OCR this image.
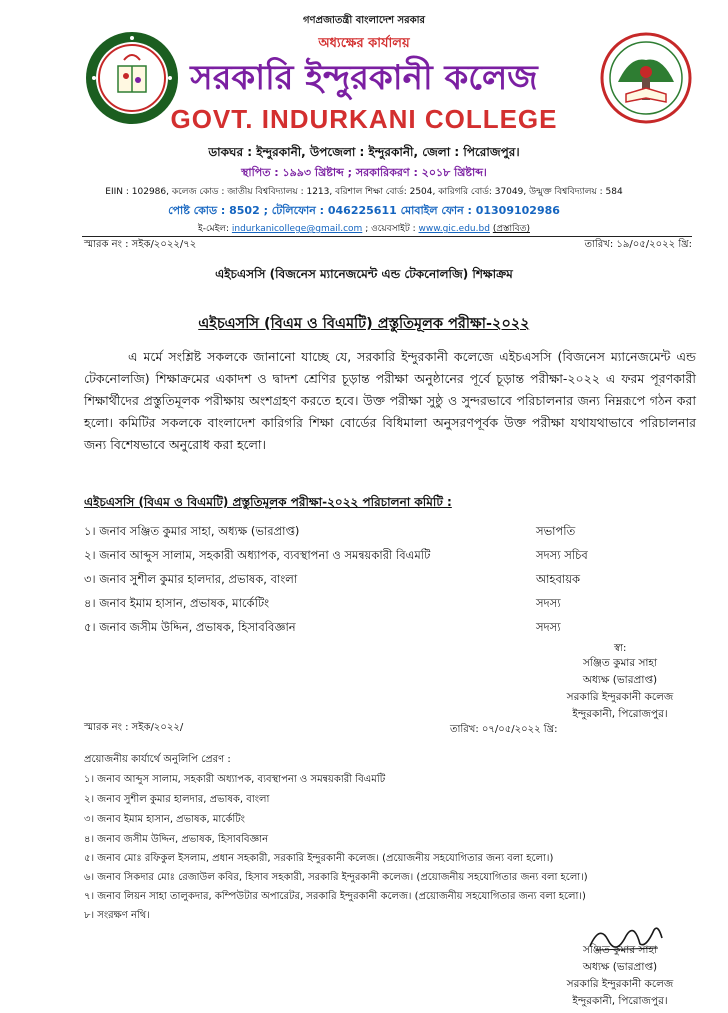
গণপ্রজাতন্ত্রী বাংলাদেশ সরকার
অধ্যক্ষের কার্যালয়
সরকারি ইন্দুরকানী কলেজ
GOVT. INDURKANI COLLEGE
ডাকঘর : ইন্দুরকানী, উপজেলা : ইন্দুরকানী, জেলা : পিরোজপুর।
স্থাপিত : ১৯৯৩ খ্রিষ্টাব্দ ; সরকারিকরণ : ২০১৮ খ্রিষ্টাব্দ।
EIIN : 102986, কলেজ কোড : জাতীয় বিশ্ববিদ্যালয় : 1213, বরিশাল শিক্ষা বোর্ড: 2504, কারিগরি বোর্ড: 37049, উন্মুক্ত বিশ্ববিদ্যালয় : 584
পোষ্ট কোড : 8502 ; টেলিফোন : 046225611 মোবাইল ফোন : 01309102986
ই-মেইল: indurkanicollege@gmail.com ; ওয়েবসাইট : www.gic.edu.bd (প্রস্তাবিত)
স্মারক নং : সইক/২০২২/৭২	তারিখ: ১৯/০৫/২০২২ খ্রি:
এইচএসসি (বিজনেস ম্যানেজমেন্ট এন্ড টেকনোলজি) শিক্ষাক্রম
এইচএসসি (বিএম ও বিএমটি) প্রস্তুতিমূলক পরীক্ষা-২০২২
এ মর্মে সংশ্লিষ্ট সকলকে জানানো যাচ্ছে যে, সরকারি ইন্দুরকানী কলেজে এইচএসসি (বিজনেস ম্যানেজমেন্ট এন্ড টেকনোলজি) শিক্ষাক্রমের একাদশ ও দ্বাদশ শ্রেণির চূড়ান্ত পরীক্ষা অনুষ্ঠানের পূর্বে চূড়ান্ত পরীক্ষা-২০২২ এ ফরম পূরণকারী শিক্ষার্থীদের প্রস্তুতিমূলক পরীক্ষায় অংশগ্রহণ করতে হবে। উক্ত পরীক্ষা সুষ্ঠু ও সুন্দরভাবে পরিচালনার জন্য নিম্নরূপে গঠন করা হলো। কমিটির সকলকে বাংলাদেশ কারিগরি শিক্ষা বোর্ডের বিধিমালা অনুসরণপূর্বক উক্ত পরীক্ষা যথাযথাভাবে পরিচালনার জন্য বিশেষভাবে অনুরোধ করা হলো।
এইচএসসি (বিএম ও বিএমটি) প্রস্তুতিমূলক পরীক্ষা-২০২২ পরিচালনা কমিটি :
১। জনাব সঞ্জিত কুমার সাহা, অধ্যক্ষ (ভারপ্রাপ্ত)	সভাপতি
২। জনাব আব্দুস সালাম, সহকারী অধ্যাপক, ব্যবস্থাপনা ও সমন্বয়কারী বিএমটি	সদস্য সচিব
৩। জনাব সুশীল কুমার হালদার, প্রভাষক, বাংলা	আহবায়ক
৪। জনাব ইমাম হাসান, প্রভাষক, মার্কেটিং	সদস্য
৫। জনাব জসীম উদ্দিন, প্রভাষক, হিসাববিজ্ঞান	সদস্য
স্বা:
সঞ্জিত কুমার সাহা
অধ্যক্ষ (ভারপ্রাপ্ত)
সরকারি ইন্দুরকানী কলেজ
ইন্দুরকানী, পিরোজপুর।
স্মারক নং : সইক/২০২২/	তারিখ: ০৭/০৫/২০২২ খ্রি:
প্রয়োজনীয় কার্যার্থে অনুলিপি প্রেরণ :
১। জনাব আব্দুস সালাম, সহকারী অধ্যাপক, ব্যবস্থাপনা ও সমন্বয়কারী বিএমটি
২। জনাব সুশীল কুমার হালদার, প্রভাষক, বাংলা
৩। জনাব ইমাম হাসান, প্রভাষক, মার্কেটিং
৪। জনাব জসীম উদ্দিন, প্রভাষক, হিসাববিজ্ঞান
৫। জনাব মোঃ রফিকুল ইসলাম, প্রধান সহকারী, সরকারি ইন্দুরকানী কলেজ। (প্রয়োজনীয় সহযোগিতার জন্য বলা হলো।)
৬। জনাব সিকদার মোঃ রেজাউল কবির, হিসাব সহকারী, সরকারি ইন্দুরকানী কলেজ। (প্রয়োজনীয় সহযোগিতার জন্য বলা হলো।)
৭। জনাব লিয়ন সাহা তালুকদার, কম্পিউটার অপারেটর, সরকারি ইন্দুরকানী কলেজ। (প্রয়োজনীয় সহযোগিতার জন্য বলা হলো।)
৮। সংরক্ষণ নথি।
সঞ্জিত কুমার সাহা
অধ্যক্ষ (ভারপ্রাপ্ত)
সরকারি ইন্দুরকানী কলেজ
ইন্দুরকানী, পিরোজপুর।
